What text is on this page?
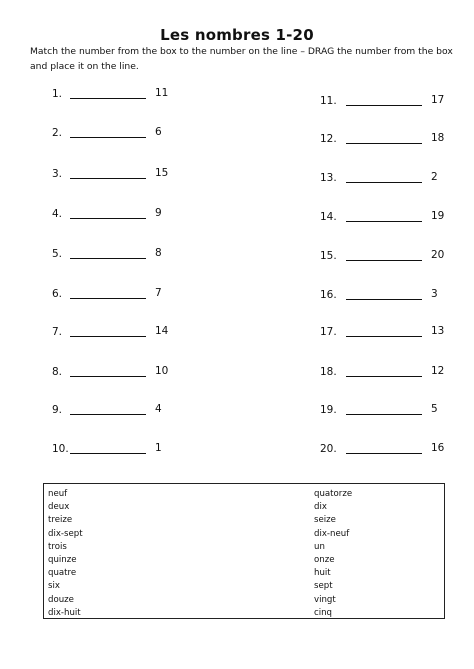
Les nombres 1-20
Match the number from the box to the number on the line – DRAG the number from the box
and place it on the line.
1.	11
2.	6
3.	15
4.	9
5.	8
6.	7
7.	14
8.	10
9.	4
10.	1
11.	17
12.	18
13.	2
14.	19
15.	20
16.	3
17.	13
18.	12
19.	5
20.	16
neuf
deux
treize
dix-sept
trois
quinze
quatre
six
douze
dix-huit
quatorze
dix
seize
dix-neuf
un
onze
huit
sept
vingt
cinq
